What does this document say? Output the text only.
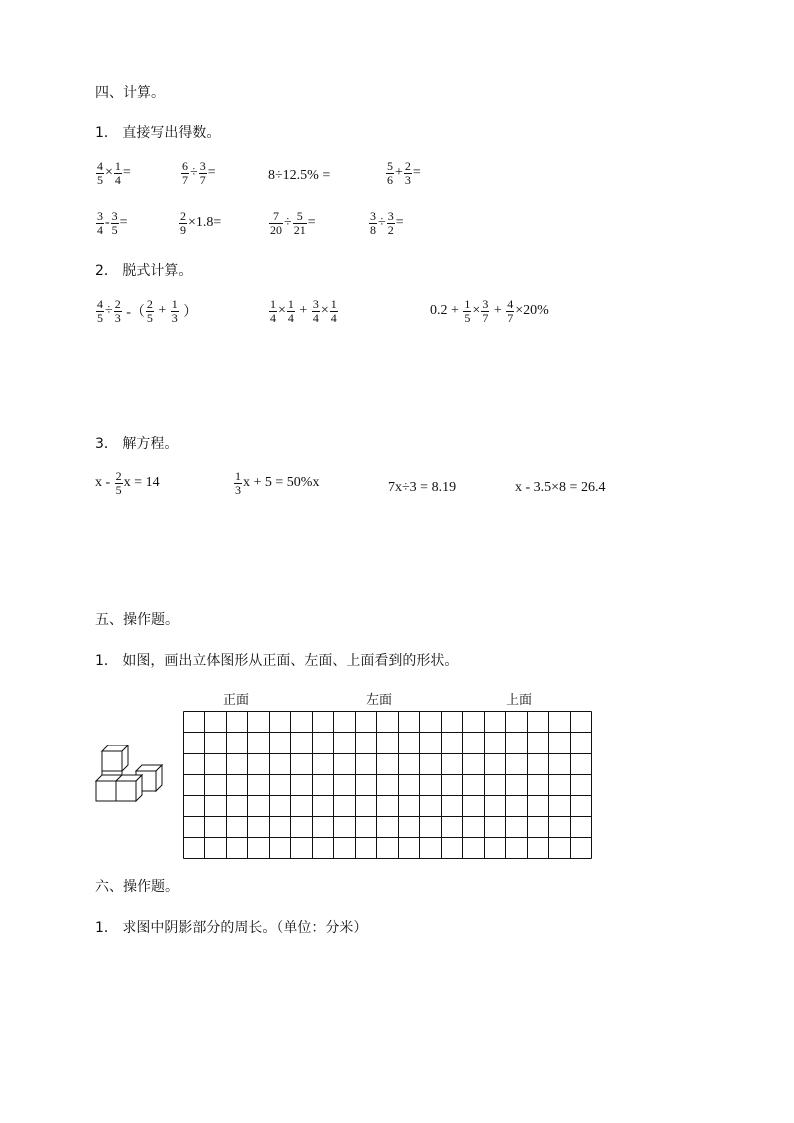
四、计算。
1． 直接写出得数。
$\frac{4}{5} \times \frac{1}{4}$ =	$\frac{6}{7} \div \frac{3}{7}$ =	8÷12.5% =	$\frac{5}{6} + \frac{2}{3}$ =
$\frac{3}{4} - \frac{3}{5}$ =	$\frac{2}{9} \times 1.8=$	$\frac{7}{20} \div \frac{5}{21}$ =	$\frac{3}{8} \div \frac{3}{2}$ =
2． 脱式计算。
$\frac{4}{5} \div \frac{2}{3}$ -（ $\frac{2}{5} + \frac{1}{3}$ ）	$\frac{1}{4} \times \frac{1}{4} + \frac{3}{4} \times \frac{1}{4}$	$0.2 + \frac{1}{5} \times \frac{3}{7} + \frac{4}{7} \times 20\%$
3． 解方程。
x - $\frac{2}{5}$ x = 14	$\frac{1}{3}$ x + 5 = 50%x	7x÷3 = 8.19	x - 3.5×8 = 26.4
五、操作题。
1． 如图，画出立体图形从正面、左面、上面看到的形状。
正面	左面	上面
六、操作题。
1． 求图中阴影部分的周长。（单位：分米）
